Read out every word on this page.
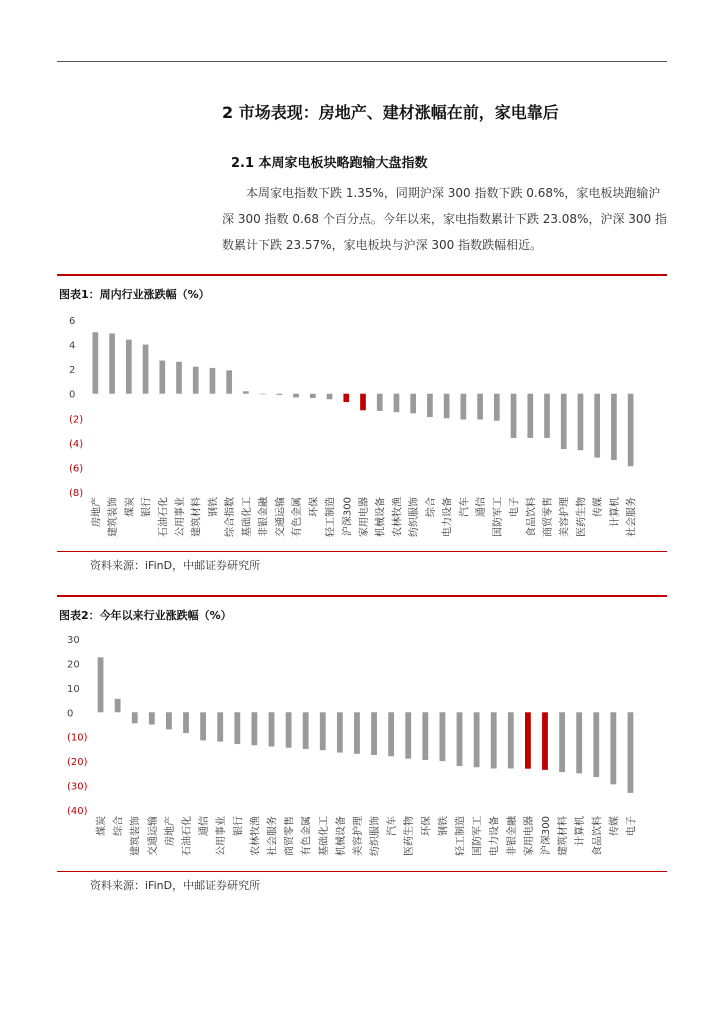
2 市场表现：房地产、建材涨幅在前，家电靠后
2.1 本周家电板块略跑输大盘指数

本周家电指数下跌 1.35%，同期沪深 300 指数下跌 0.68%，家电板块跑输沪深 300 指数 0.68 个百分点。今年以来，家电指数累计下跌 23.08%，沪深 300 指数累计下跌 23.57%，家电板块与沪深 300 指数跌幅相近。

图表1：周内行业涨跌幅（%）
6
4
2
0
(2)
(4)
(6)
(8)
房地产 建筑装饰 煤炭 银行 石油石化 公用事业 建筑材料 钢铁 综合指数 基础化工 非银金融 交通运输 有色金属 环保 轻工制造 沪深300 家用电器 机械设备 农林牧渔 纺织服饰 综合 电力设备 汽车 通信 国防军工 电子 食品饮料 商贸零售 美容护理 医药生物 传媒 计算机 社会服务
资料来源：iFinD，中邮证券研究所
图表2：今年以来行业涨跌幅（%）
30
20
10
0
(10)
(20)
(30)
(40)
煤炭 综合 建筑装饰 交通运输 房地产 石油石化 通信 公用事业 银行 农林牧渔 社会服务 商贸零售 有色金属 基础化工 机械设备 美容护理 纺织服饰 汽车 医药生物 环保 钢铁 轻工制造 国防军工 电力设备 非银金融 家用电器 沪深300 建筑材料 计算机 食品饮料 传媒 电子
资料来源：iFinD，中邮证券研究所
